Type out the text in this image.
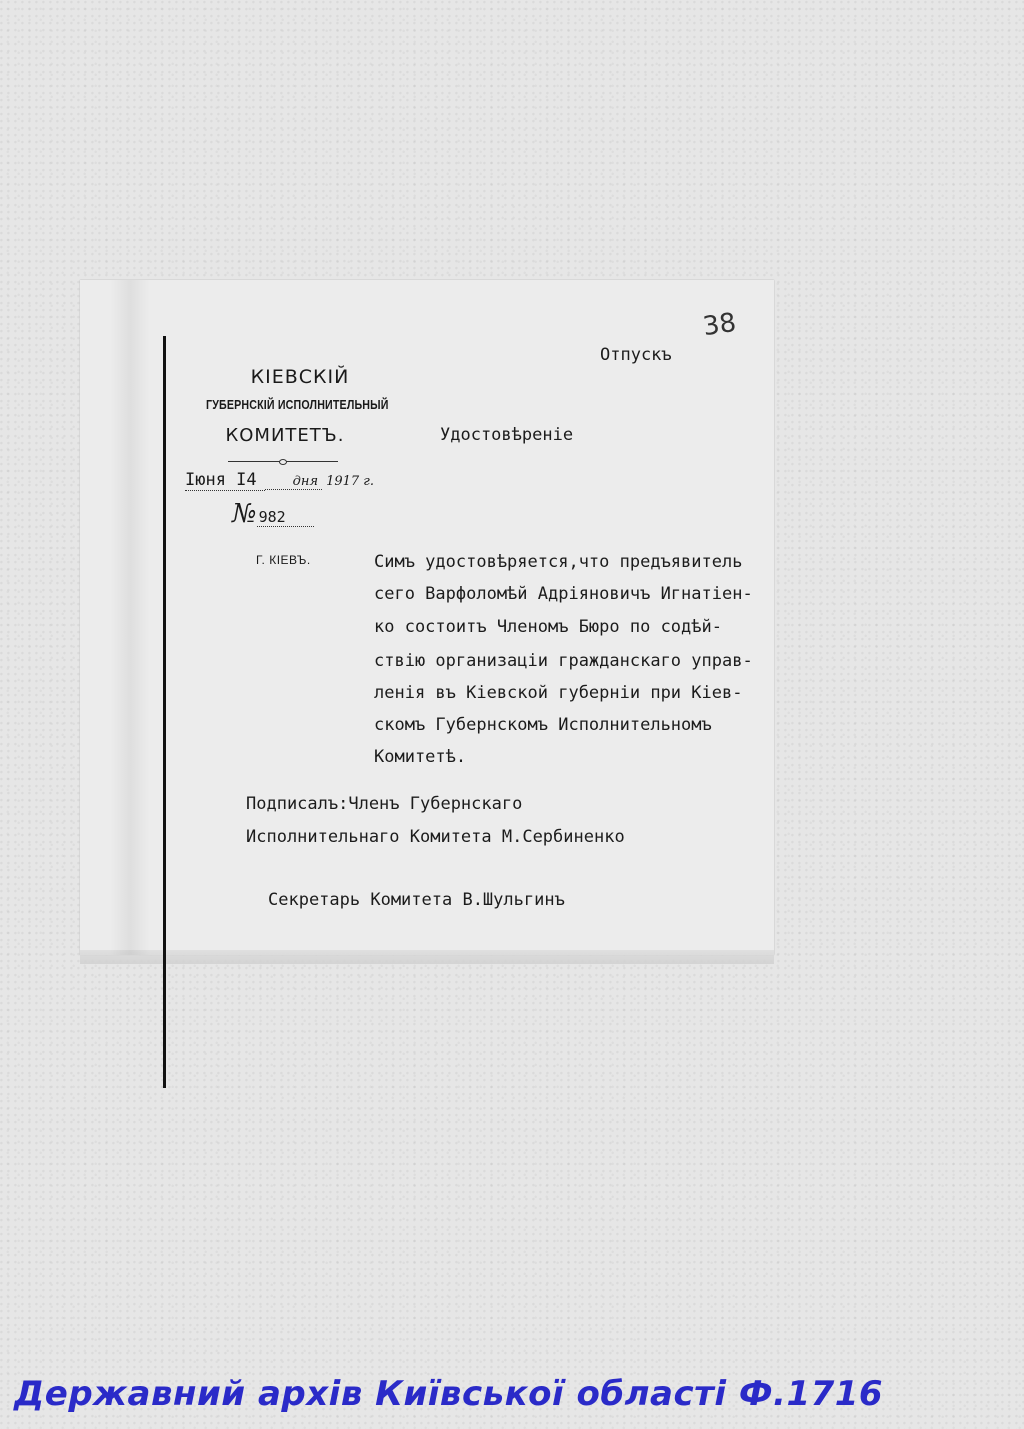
38
Отпускъ
КІЕВСКІЙ
ГУБЕРНСКІЙ ИСПОЛНИТЕЛЬНЫЙ
КОМИТЕТЪ.	Удостовѣреніе
Іюня I4	дня 1917 г.
№ 982
Г. КІЕВЪ.	Симъ удостовѣряется,что предъявитель
сего Варфоломѣй Адріяновичъ Игнатіен-
ко состоитъ Членомъ Бюро по содѣй-
ствію организаціи гражданскаго управ-
ленія въ Кіевской губерніи при Кіев-
скомъ Губернскомъ Исполнительномъ
Комитетѣ.
Подписалъ:Членъ Губернскаго
Исполнительнаго Комитета М.Сербиненко
Секретарь Комитета В.Шульгинъ
Державний архів Київської області Ф.1716
